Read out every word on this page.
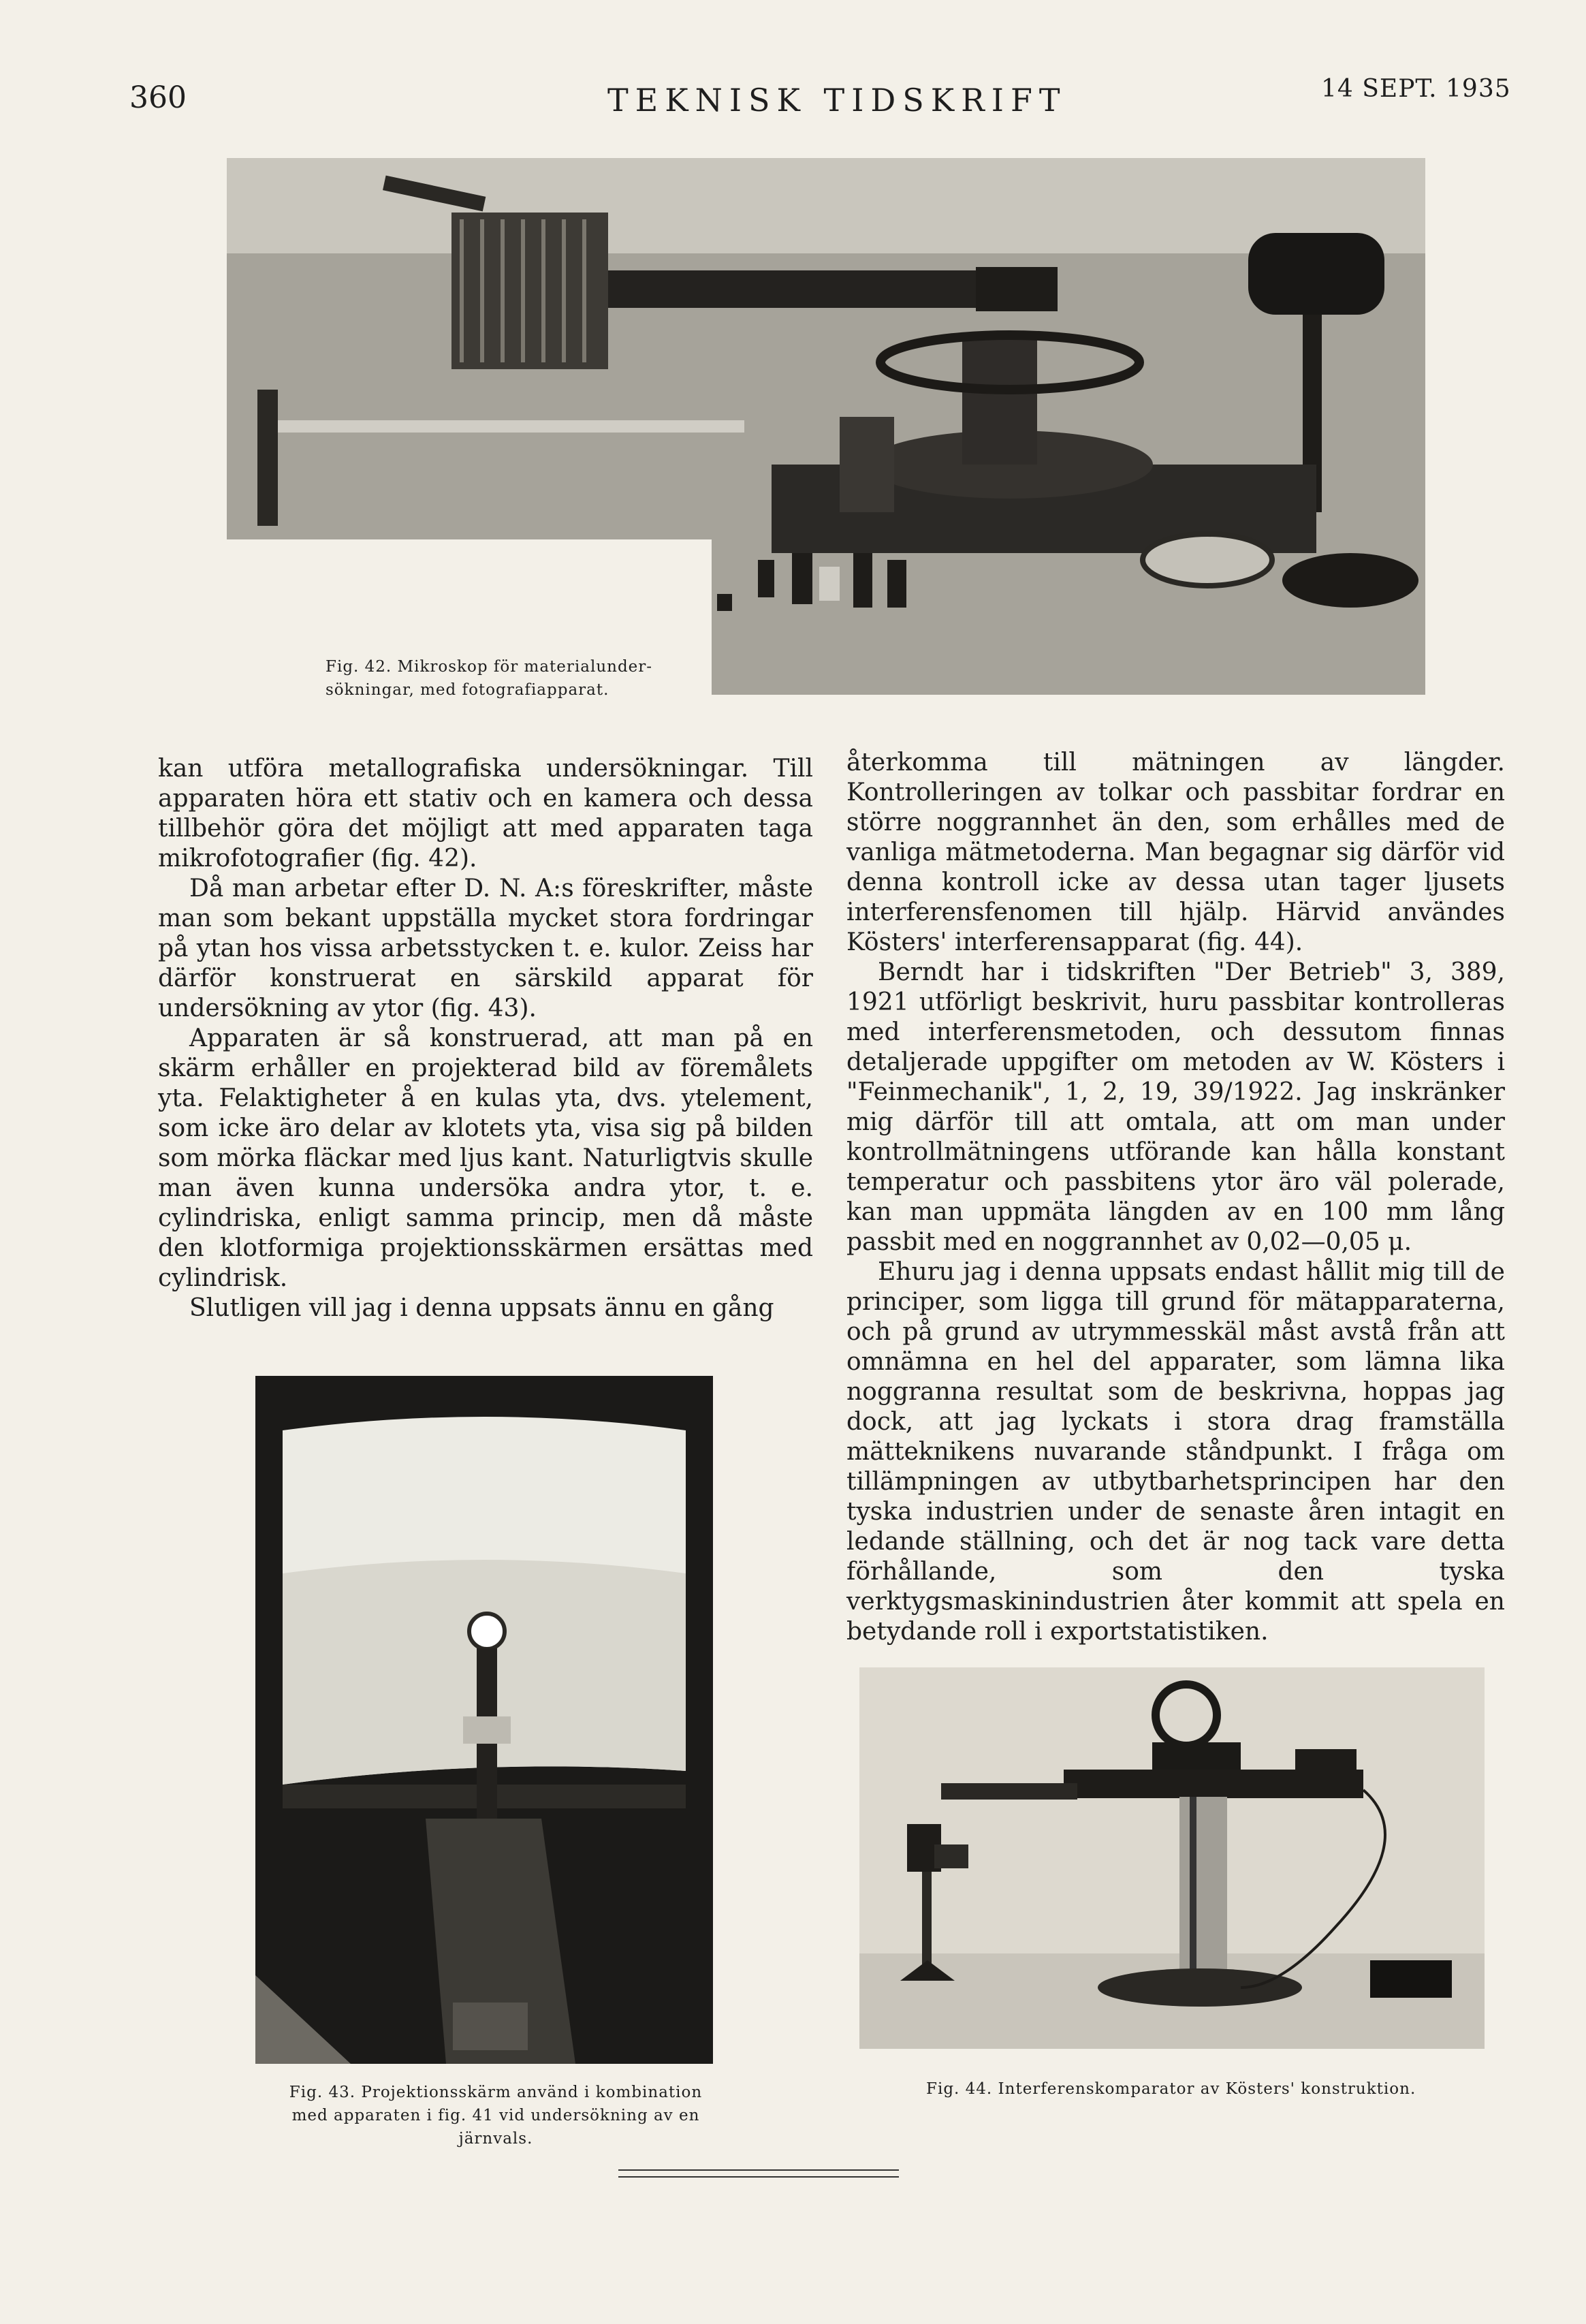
360	TEKNISK TIDSKRIFT	14 SEPT. 1935
Fig. 42. Mikroskop för materialunder-
sökningar, med fotografiapparat.

kan utföra metallografiska undersökningar. Till apparaten höra ett stativ och en kamera och dessa tillbehör göra det möjligt att med apparaten taga mikrofotografier (fig. 42).

Då man arbetar efter D. N. A:s föreskrifter, måste man som bekant uppställa mycket stora fordringar på ytan hos vissa arbetsstycken t. e. kulor. Zeiss har därför konstruerat en särskild apparat för undersökning av ytor (fig. 43).

Apparaten är så konstruerad, att man på en skärm erhåller en projekterad bild av föremålets yta. Felaktigheter å en kulas yta, dvs. ytelement, som icke äro delar av klotets yta, visa sig på bilden som mörka fläckar med ljus kant. Naturligtvis skulle man även kunna undersöka andra ytor, t. e. cylindriska, enligt samma princip, men då måste den klotformiga projektionsskärmen ersättas med cylindrisk.

Slutligen vill jag i denna uppsats ännu en gång

återkomma till mätningen av längder. Kontrolleringen av tolkar och passbitar fordrar en större noggrannhet än den, som erhålles med de vanliga mätmetoderna. Man begagnar sig därför vid denna kontroll icke av dessa utan tager ljusets interferensfenomen till hjälp. Härvid användes Kösters' interferensapparat (fig. 44).

Berndt har i tidskriften "Der Betrieb" 3, 389, 1921 utförligt beskrivit, huru passbitar kontrolleras med interferensmetoden, och dessutom finnas detaljerade uppgifter om metoden av W. Kösters i "Feinmechanik", 1, 2, 19, 39/1922. Jag inskränker mig därför till att omtala, att om man under kontrollmätningens utförande kan hålla konstant temperatur och passbitens ytor äro väl polerade, kan man uppmäta längden av en 100 mm lång passbit med en noggrannhet av 0,02—0,05 μ.

Ehuru jag i denna uppsats endast hållit mig till de principer, som ligga till grund för mätapparaterna, och på grund av utrymmesskäl måst avstå från att omnämna en hel del apparater, som lämna lika noggranna resultat som de beskrivna, hoppas jag dock, att jag lyckats i stora drag framställa mätteknikens nuvarande ståndpunkt. I fråga om tillämpningen av utbytbarhetsprincipen har den tyska industrien under de senaste åren intagit en ledande ställning, och det är nog tack vare detta förhållande, som den tyska verktygsmaskinindustrien åter kommit att spela en betydande roll i exportstatistiken.

Fig. 43. Projektionsskärm använd i kombination
med apparaten i fig. 41 vid undersökning av en
järnvals.
Fig. 44. Interferenskomparator av Kösters' konstruktion.
